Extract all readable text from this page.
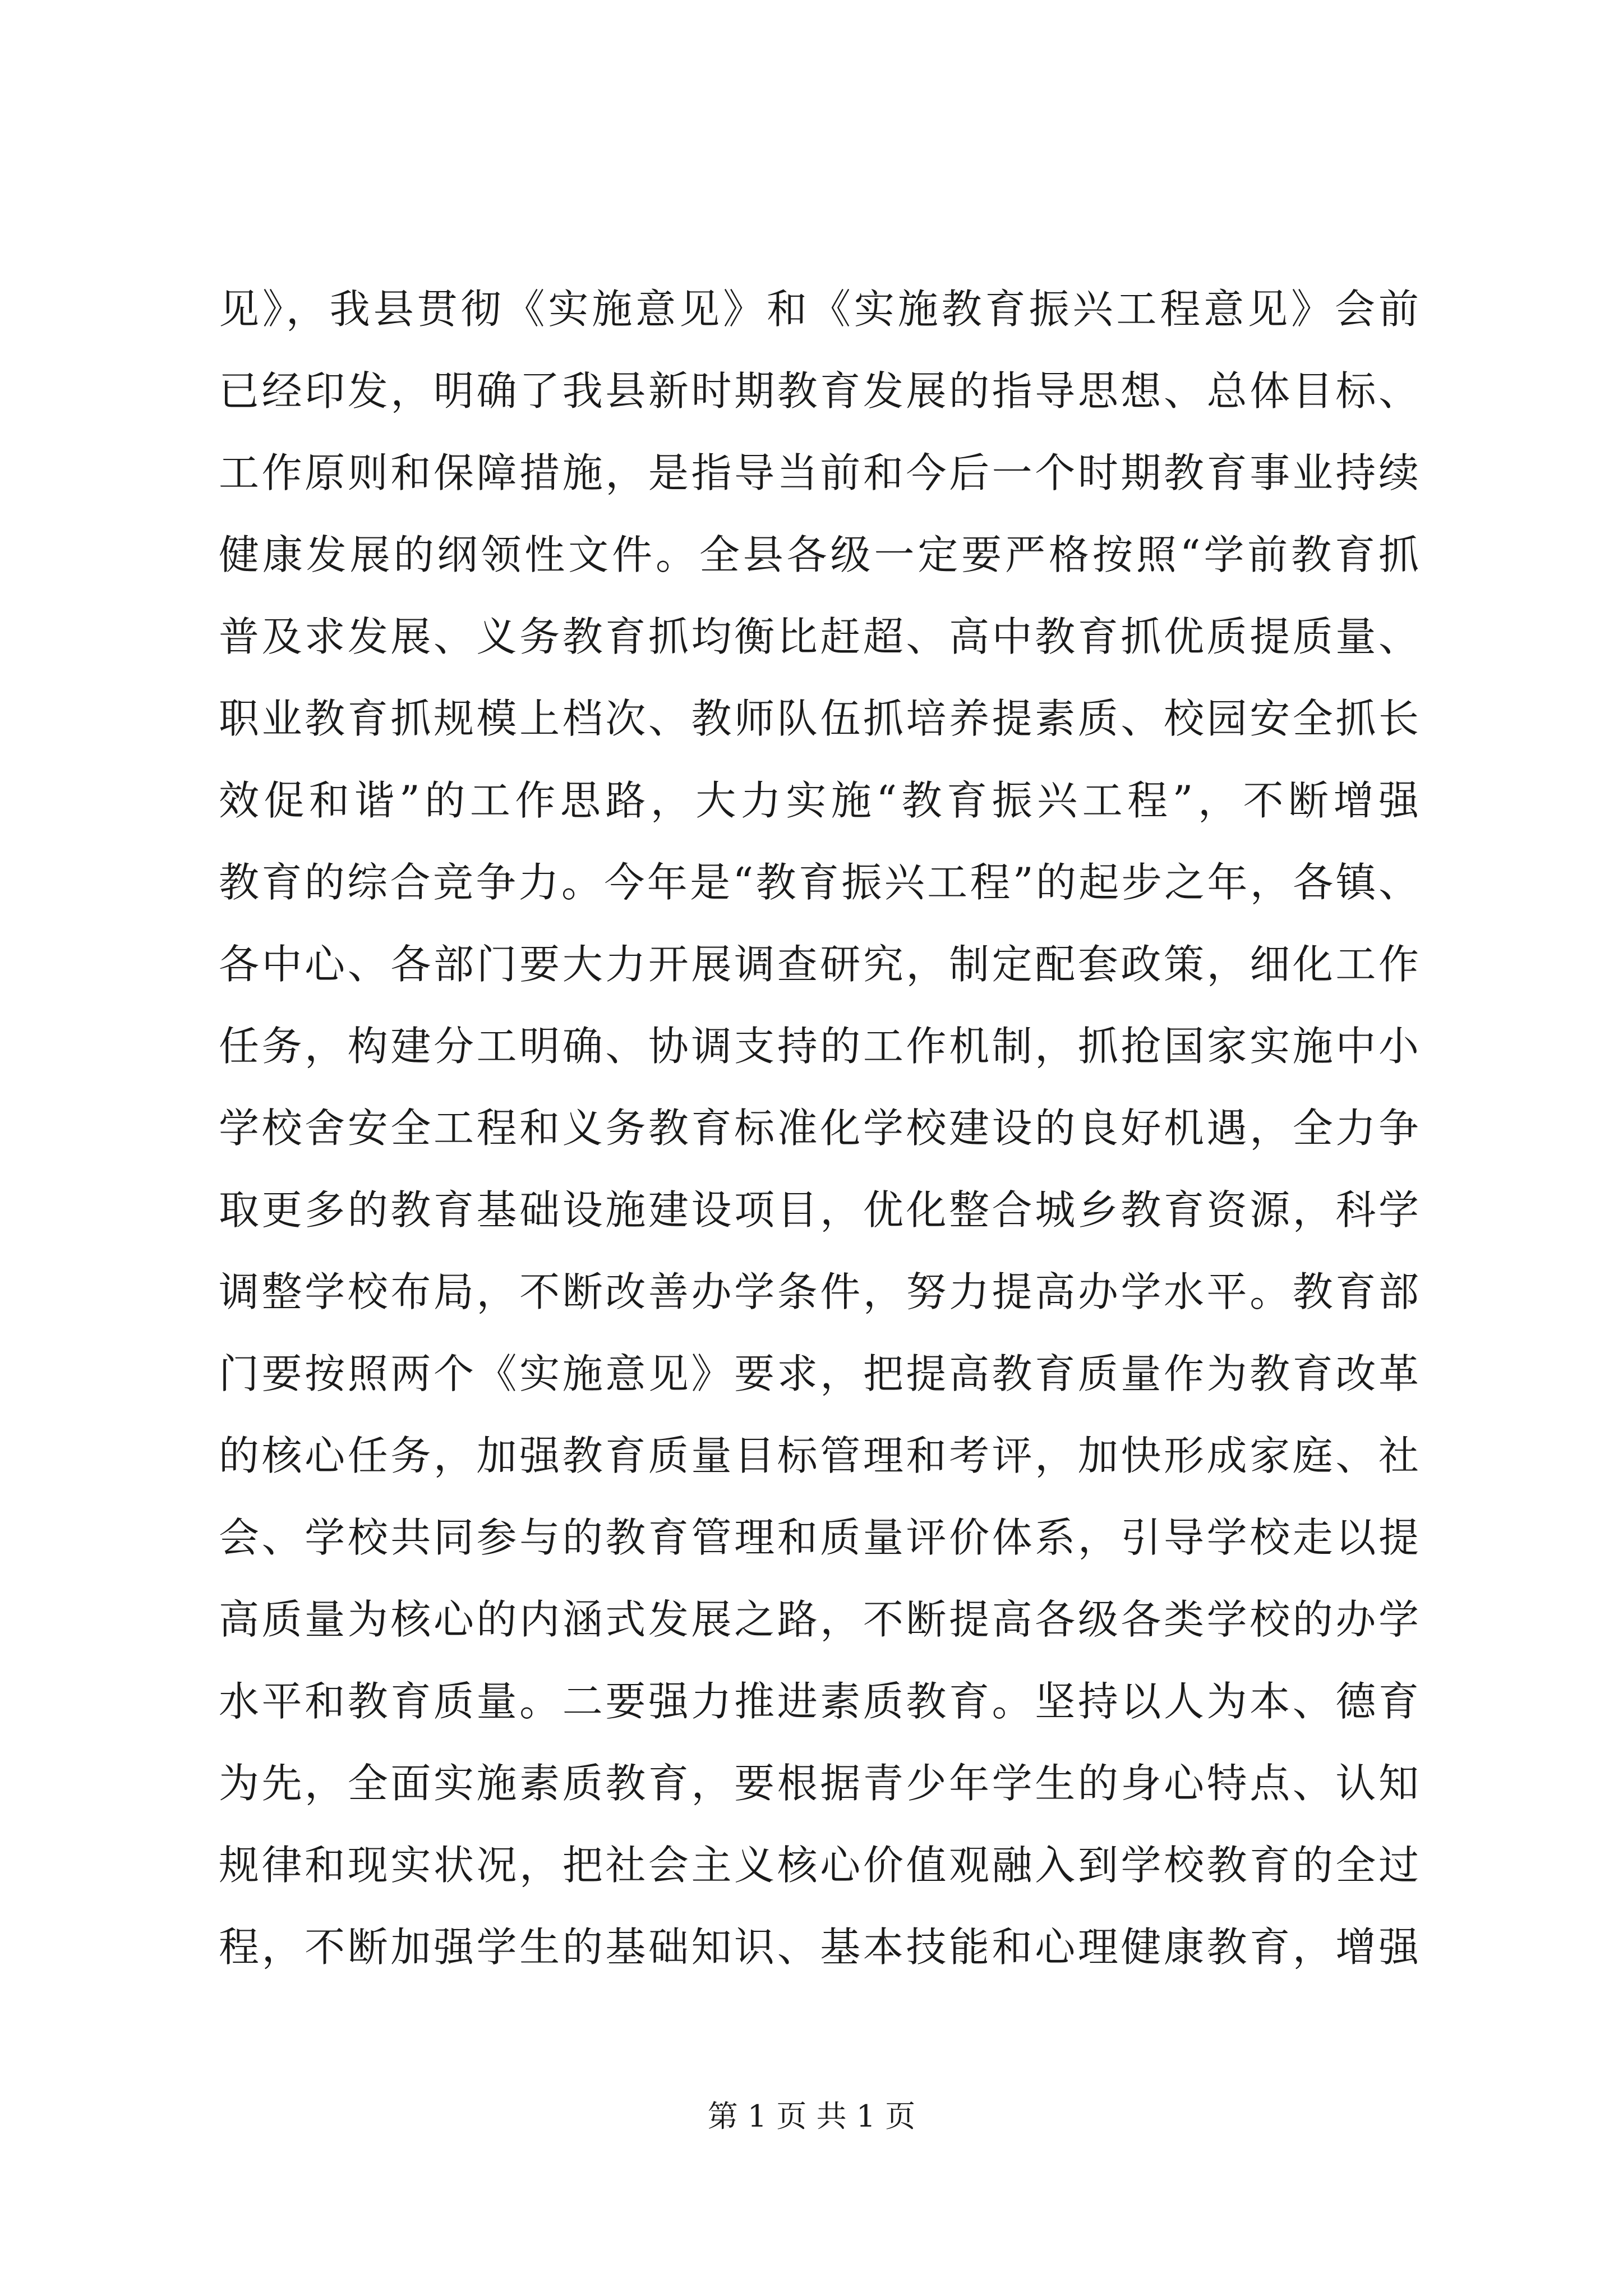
见》，我县贯彻《实施意见》和《实施教育振兴工程意见》会前
已经印发，明确了我县新时期教育发展的指导思想、总体目标、
工作原则和保障措施，是指导当前和今后一个时期教育事业持续
健康发展的纲领性文件。全县各级一定要严格按照“学前教育抓
普及求发展、义务教育抓均衡比赶超、高中教育抓优质提质量、
职业教育抓规模上档次、教师队伍抓培养提素质、校园安全抓长
效促和谐”的工作思路，大力实施“教育振兴工程”，不断增强
教育的综合竞争力。今年是“教育振兴工程”的起步之年，各镇、
各中心、各部门要大力开展调查研究，制定配套政策，细化工作
任务，构建分工明确、协调支持的工作机制，抓抢国家实施中小
学校舍安全工程和义务教育标准化学校建设的良好机遇，全力争
取更多的教育基础设施建设项目，优化整合城乡教育资源，科学
调整学校布局，不断改善办学条件，努力提高办学水平。教育部
门要按照两个《实施意见》要求，把提高教育质量作为教育改革
的核心任务，加强教育质量目标管理和考评，加快形成家庭、社
会、学校共同参与的教育管理和质量评价体系，引导学校走以提
高质量为核心的内涵式发展之路，不断提高各级各类学校的办学
水平和教育质量。二要强力推进素质教育。坚持以人为本、德育
为先，全面实施素质教育，要根据青少年学生的身心特点、认知
规律和现实状况，把社会主义核心价值观融入到学校教育的全过
程，不断加强学生的基础知识、基本技能和心理健康教育，增强
第 1 页 共 1 页
